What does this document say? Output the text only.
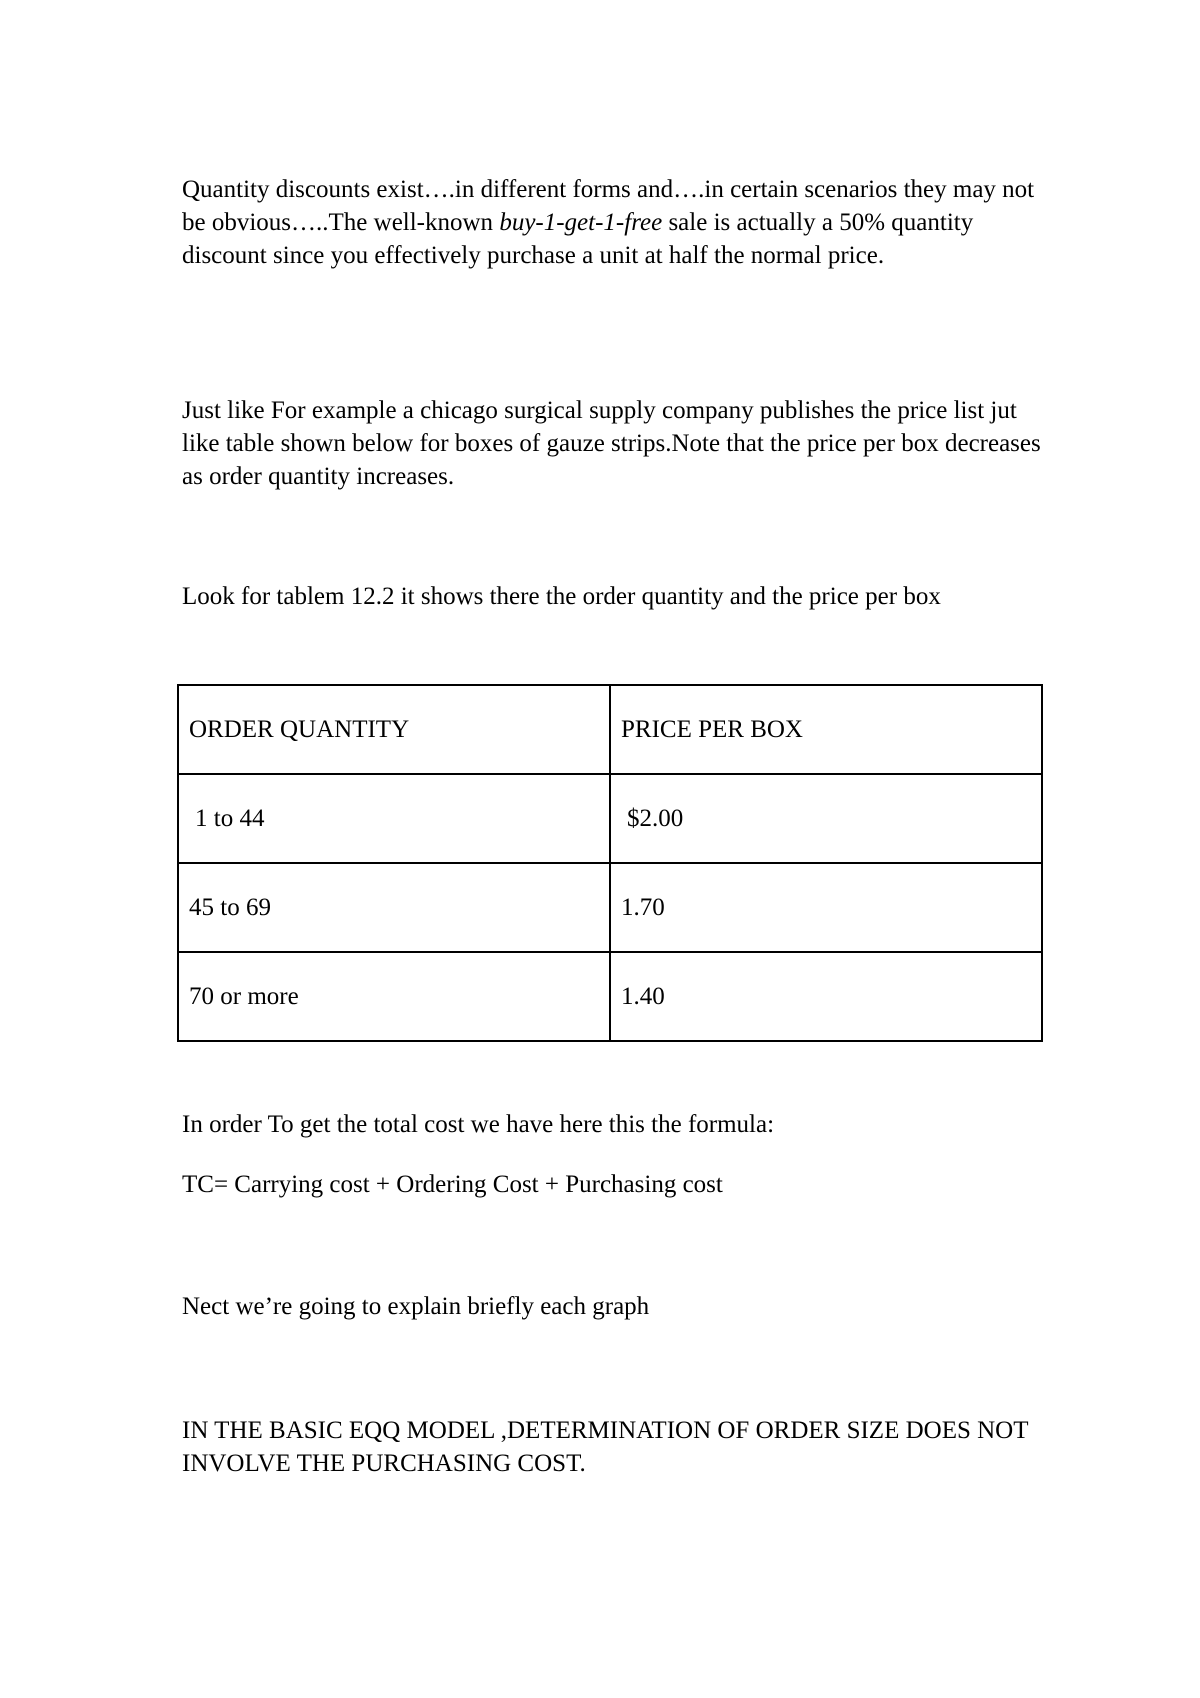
Quantity discounts exist….in different forms and….in certain scenarios they may not be obvious…..The well-known buy-1-get-1-free sale is actually a 50% quantity discount since you effectively purchase a unit at half the normal price.

Just like For example a chicago surgical supply company publishes the price list jut like table shown below for boxes of gauze strips.Note that the price per box decreases as order quantity increases.

Look for tablem 12.2 it shows there the order quantity and the price per box

ORDER QUANTITY	PRICE PER BOX
1 to 44	$2.00
45 to 69	1.70
70 or more	1.40

In order To get the total cost we have here this the formula:

TC= Carrying cost + Ordering Cost + Purchasing cost

Nect we’re going to explain briefly each graph

IN THE BASIC EQQ MODEL ,DETERMINATION OF ORDER SIZE DOES NOT INVOLVE THE PURCHASING COST.
